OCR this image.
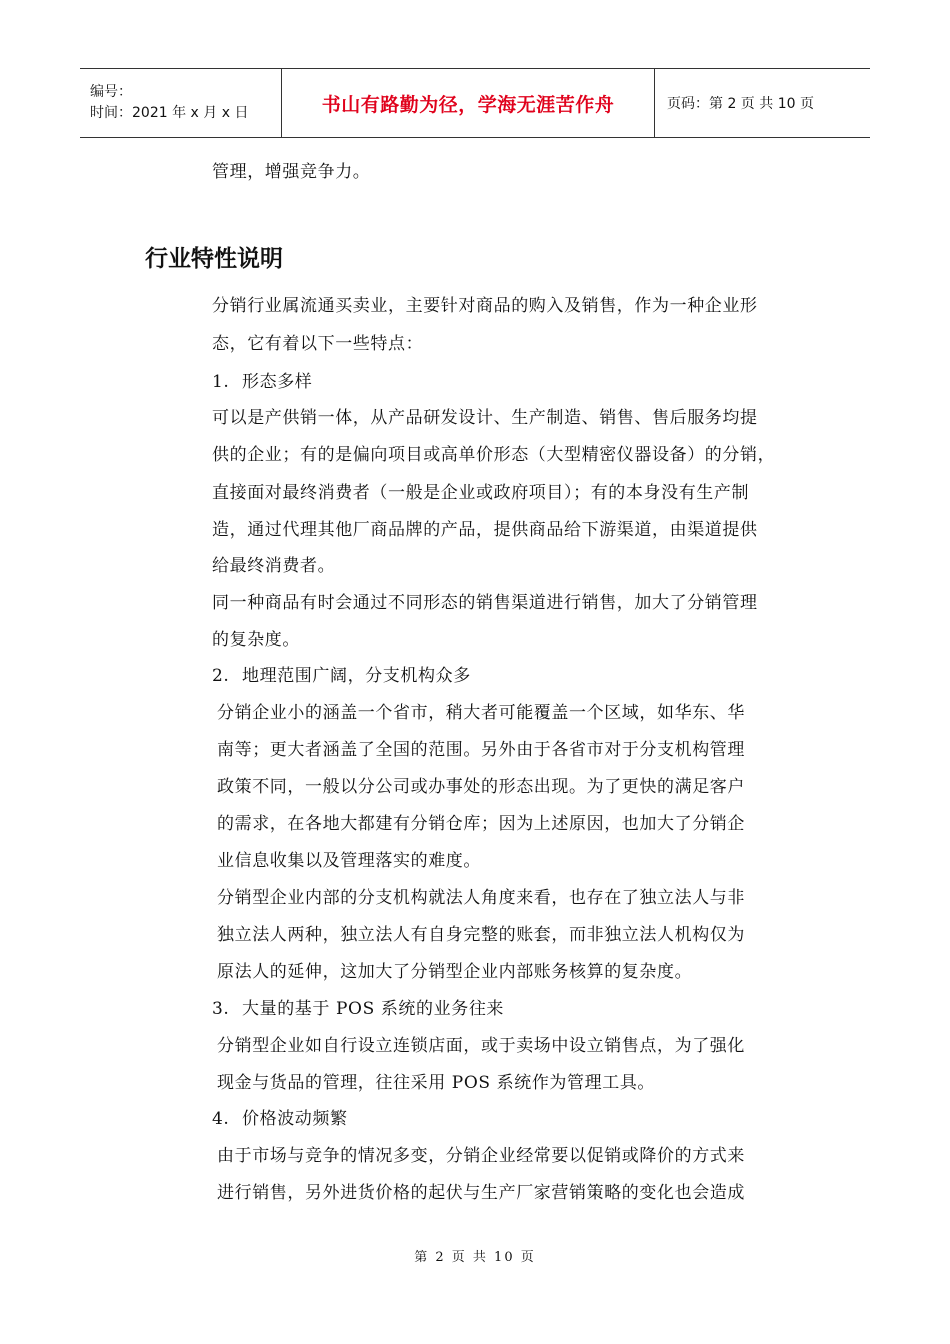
编号：
时间：2021 年 x 月 x 日	书山有路勤为径，学海无涯苦作舟	页码：第 2 页 共 10 页
管理，增强竞争力。
行业特性说明
分销行业属流通买卖业，主要针对商品的购入及销售，作为一种企业形
态，它有着以下一些特点：
1. 形态多样
可以是产供销一体，从产品研发设计、生产制造、销售、售后服务均提
供的企业；有的是偏向项目或高单价形态（大型精密仪器设备）的分销，
直接面对最终消费者（一般是企业或政府项目）；有的本身没有生产制
造，通过代理其他厂商品牌的产品，提供商品给下游渠道，由渠道提供
给最终消费者。
同一种商品有时会通过不同形态的销售渠道进行销售，加大了分销管理
的复杂度。
2. 地理范围广阔，分支机构众多
分销企业小的涵盖一个省市，稍大者可能覆盖一个区域，如华东、华
南等；更大者涵盖了全国的范围。另外由于各省市对于分支机构管理
政策不同，一般以分公司或办事处的形态出现。为了更快的满足客户
的需求，在各地大都建有分销仓库；因为上述原因，也加大了分销企
业信息收集以及管理落实的难度。
分销型企业内部的分支机构就法人角度来看，也存在了独立法人与非
独立法人两种，独立法人有自身完整的账套，而非独立法人机构仅为
原法人的延伸，这加大了分销型企业内部账务核算的复杂度。
3. 大量的基于 POS 系统的业务往来
分销型企业如自行设立连锁店面，或于卖场中设立销售点，为了强化
现金与货品的管理，往往采用 POS 系统作为管理工具。
4. 价格波动频繁
由于市场与竞争的情况多变，分销企业经常要以促销或降价的方式来
进行销售，另外进货价格的起伏与生产厂家营销策略的变化也会造成
第 2 页 共 10 页
